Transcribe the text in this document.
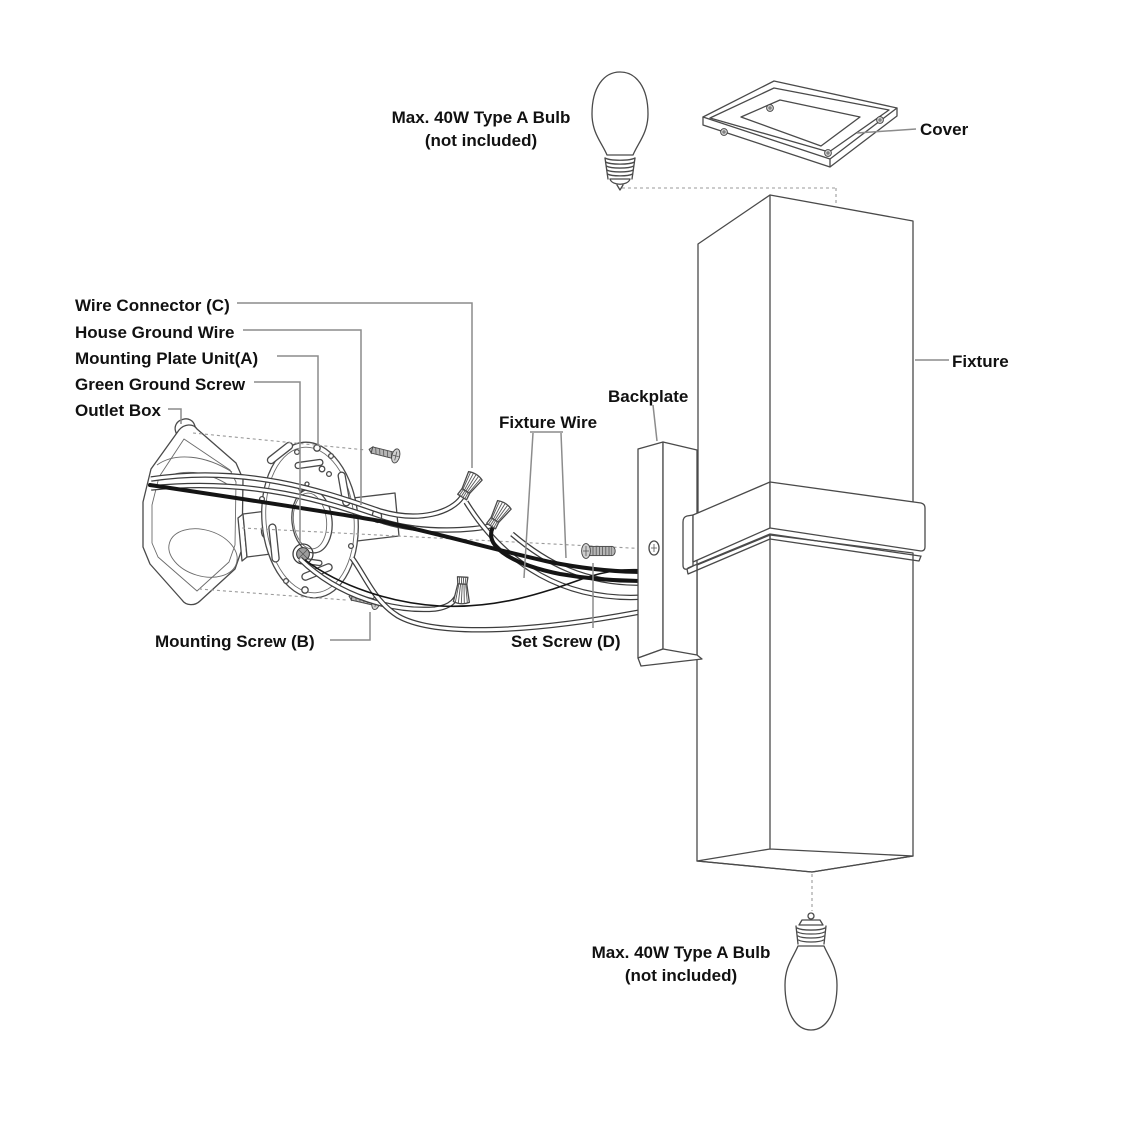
Max. 40W Type A Bulb
(not included)
Cover
Wire Connector (C)
House Ground Wire
Mounting Plate Unit(A)
Green Ground Screw
Outlet Box
Fixture Wire
Backplate
Fixture
Mounting Screw (B)	Set Screw (D)
Max. 40W Type A Bulb
(not included)
